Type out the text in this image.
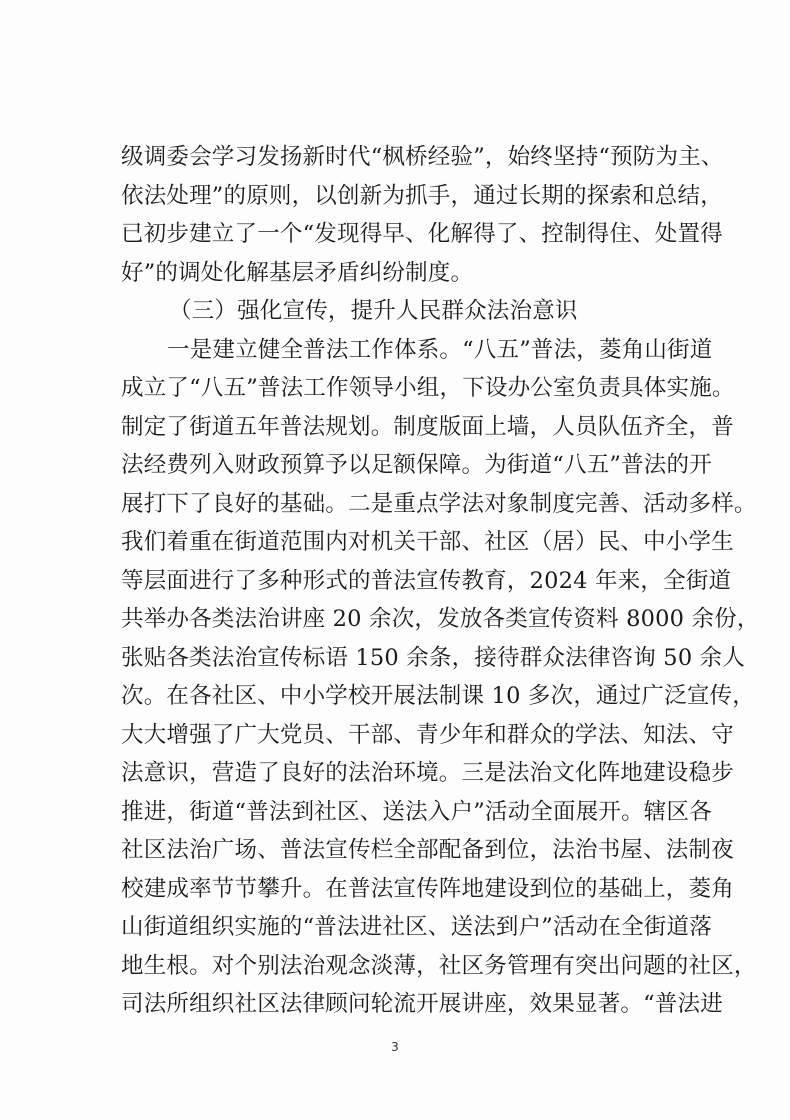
级调委会学习发扬新时代“枫桥经验”，始终坚持“预防为主、
依法处理”的原则，以创新为抓手，通过长期的探索和总结，
已初步建立了一个“发现得早、化解得了、控制得住、处置得
好”的调处化解基层矛盾纠纷制度。
（三）强化宣传，提升人民群众法治意识
一是建立健全普法工作体系。“八五”普法，菱角山街道
成立了“八五”普法工作领导小组，下设办公室负责具体实施。
制定了街道五年普法规划。制度版面上墙，人员队伍齐全，普
法经费列入财政预算予以足额保障。为街道“八五”普法的开
展打下了良好的基础。二是重点学法对象制度完善、活动多样。
我们着重在街道范围内对机关干部、社区（居）民、中小学生
等层面进行了多种形式的普法宣传教育，2024 年来，全街道
共举办各类法治讲座 20 余次，发放各类宣传资料 8000 余份，
张贴各类法治宣传标语 150 余条，接待群众法律咨询 50 余人
次。在各社区、中小学校开展法制课 10 多次，通过广泛宣传，
大大增强了广大党员、干部、青少年和群众的学法、知法、守
法意识，营造了良好的法治环境。三是法治文化阵地建设稳步
推进，街道“普法到社区、送法入户”活动全面展开。辖区各
社区法治广场、普法宣传栏全部配备到位，法治书屋、法制夜
校建成率节节攀升。在普法宣传阵地建设到位的基础上，菱角
山街道组织实施的“普法进社区、送法到户”活动在全街道落
地生根。对个别法治观念淡薄，社区务管理有突出问题的社区，
司法所组织社区法律顾问轮流开展讲座，效果显著。“普法进
3
